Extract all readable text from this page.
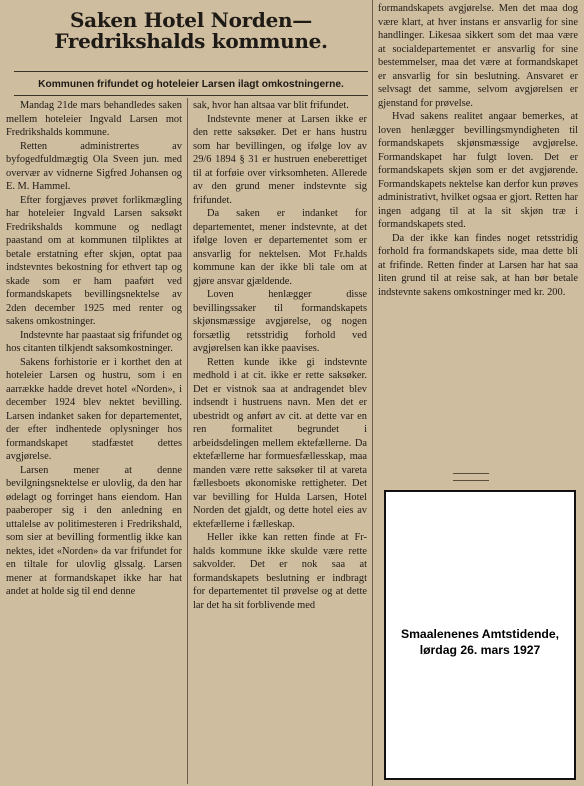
Saken Hotel Norden—Fredrikshalds kommune.
Kommunen frifundet og hoteleier Larsen ilagt omkostningerne.

Mandag 21de mars behandledes saken mellem hoteleier Ingvald Larsen mot Fredrikshalds kommune.

Retten administrertes av byfogedfuldmægtig Ola Sveen jun. med overvær av vidnerne Sigfred Johansen og E. M. Hammel.

Efter forgjæves prøvet forlikmægling har hoteleier Ingvald Larsen saksøkt Fredrikshalds kommune og nedlagt paastand om at kommunen tilpliktes at betale erstatning efter skjøn, optat paa indstevntes bekostning for ethvert tap og skade som er ham paaført ved formandskapets bevillingsnektelse av 2den december 1925 med renter og sakens omkostninger.

Indstevnte har paastaat sig frifundet og hos citanten tilkjendt saksomkostninger.

Sakens forhistorie er i korthet den at hoteleier Larsen og hustru, som i en aarrække hadde drevet hotel «Norden», i december 1924 blev nektet bevilling. Larsen indanket saken for departementet, der efter indhentede oplysninger hos formandskapet stadfæstet dettes avgjørelse.

Larsen mener at denne bevilgningsnektelse er ulovlig, da den har ødelagt og forringet hans eiendom. Han paaberoper sig i den anledning en uttalelse av politimesteren i Fredrikshald, som sier at bevilling formentlig ikke kan nektes, idet «Norden» da var frifundet for en tiltale for ulovlig glssalg. Larsen mener at formandskapet ikke har hat andet at holde sig til end denne

sak, hvor han altsaa var blit frifundet.

Indstevnte mener at Larsen ikke er den rette saksøker. Det er hans hustru som har bevillingen, og ifølge lov av 29/6 1894 § 31 er hustruen eneberettiget til at forføie over virksomheten. Allerede av den grund mener indstevnte sig frifundet.

Da saken er indanket for departementet, mener indstevnte, at det ifølge loven er departementet som er ansvarlig for nektelsen. Mot Fr.halds kommune kan der ikke bli tale om at gjøre ansvar gjældende.

Loven henlægger disse bevillingssaker til formandskapets skjønsmæssige avgjørelse, og nogen forsætlig retsstridig forhold ved avgjørelsen kan ikke paavises.

Retten kunde ikke gi indstevnte medhold i at cit. ikke er rette saksøker. Det er vistnok saa at andragendet blev indsendt i hustruens navn. Men det er ubestridt og anført av cit. at dette var en ren formalitet begrundet i arbeidsdelingen mellem ektefællerne. Da ektefællerne har formuesfællesskap, maa manden være rette saksøker til at vareta fællesboets økonomiske rettigheter. Det var bevilling for Hulda Larsen, Hotel Norden det gjaldt, og dette hotel eies av ektefællerne i fælleskap.

Heller ikke kan retten finde at Fr-halds kommune ikke skulde være rette sakvolder. Det er nok saa at formandskapets beslutning er indbragt for departementet til prøvelse og at dette lar det ha sit forblivende med

formandskapets avgjørelse. Men det maa dog være klart, at hver instans er ansvarlig for sine handlinger. Likesaa sikkert som det maa være at socialdepartementet er ansvarlig for sine bestemmelser, maa det være at formandskapet er ansvarlig for sin beslutning. Ansvaret er selvsagt det samme, selvom avgjørelsen er gjenstand for prøvelse.

Hvad sakens realitet angaar bemerkes, at loven henlægger bevillingsmyndigheten til formandskapets skjønsmæssige avgjørelse. Formandskapet har fulgt loven. Det er formandskapets skjøn som er det avgjørende. Formandskapets nektelse kan derfor kun prøves administrativt, hvilket ogsaa er gjort. Retten har ingen adgang til at la sit skjøn træ i formandskapets sted.

Da der ikke kan findes noget retsstridig forhold fra formandskapets side, maa dette bli at frifinde. Retten finder at Larsen har hat saa liten grund til at reise sak, at han bør betale indstevnte sakens omkostninger med kr. 200.

Smaalenenes Amtstidende,
lørdag 26. mars 1927
